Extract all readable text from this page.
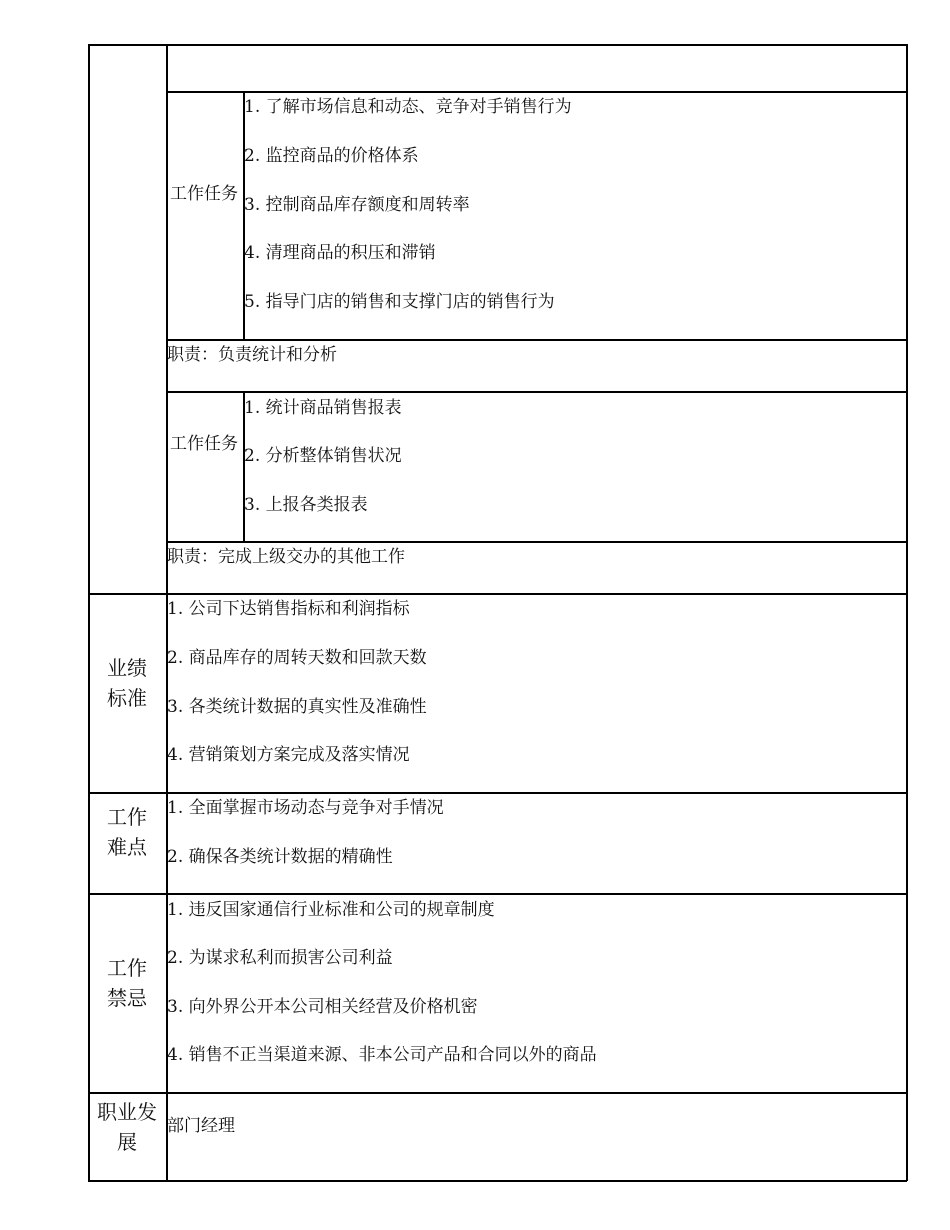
工作任务
1. 了解市场信息和动态、竞争对手销售行为
2. 监控商品的价格体系
3. 控制商品库存额度和周转率
4. 清理商品的积压和滞销
5. 指导门店的销售和支撑门店的销售行为
职责：负责统计和分析
工作任务
1. 统计商品销售报表
2. 分析整体销售状况
3. 上报各类报表
职责：完成上级交办的其他工作
业绩标准
1. 公司下达销售指标和利润指标
2. 商品库存的周转天数和回款天数
3. 各类统计数据的真实性及准确性
4. 营销策划方案完成及落实情况
工作难点
1. 全面掌握市场动态与竞争对手情况
2. 确保各类统计数据的精确性
工作禁忌
1. 违反国家通信行业标准和公司的规章制度
2. 为谋求私利而损害公司利益
3. 向外界公开本公司相关经营及价格机密
4. 销售不正当渠道来源、非本公司产品和合同以外的商品
职业发展
部门经理
